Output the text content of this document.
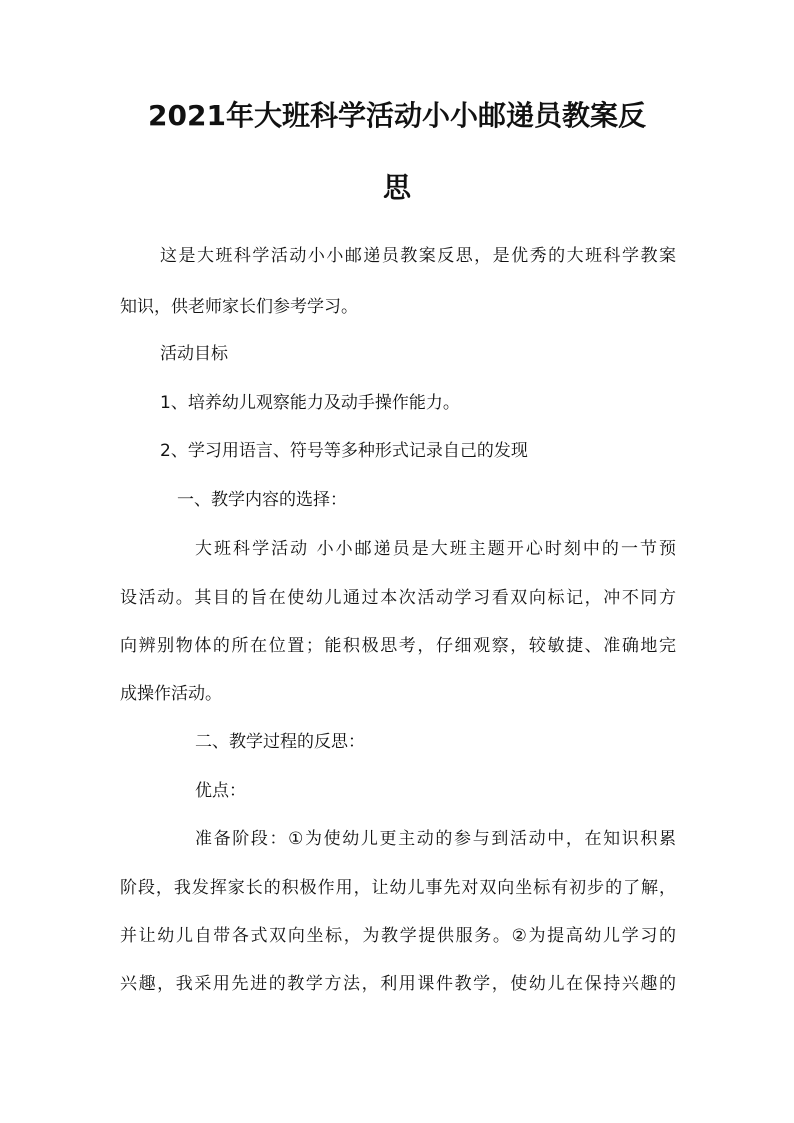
2021年大班科学活动小小邮递员教案反
思
这是大班科学活动小小邮递员教案反思，是优秀的大班科学教案
知识，供老师家长们参考学习。
活动目标
1、培养幼儿观察能力及动手操作能力。
2、学习用语言、符号等多种形式记录自己的发现
一、教学内容的选择：
大班科学活动 小小邮递员是大班主题开心时刻中的一节预
设活动。其目的旨在使幼儿通过本次活动学习看双向标记，冲不同方
向辨别物体的所在位置；能积极思考，仔细观察，较敏捷、准确地完
成操作活动。
二、教学过程的反思：
优点：
准备阶段：①为使幼儿更主动的参与到活动中，在知识积累
阶段，我发挥家长的积极作用，让幼儿事先对双向坐标有初步的了解，
并让幼儿自带各式双向坐标，为教学提供服务。②为提高幼儿学习的
兴趣，我采用先进的教学方法，利用课件教学，使幼儿在保持兴趣的
